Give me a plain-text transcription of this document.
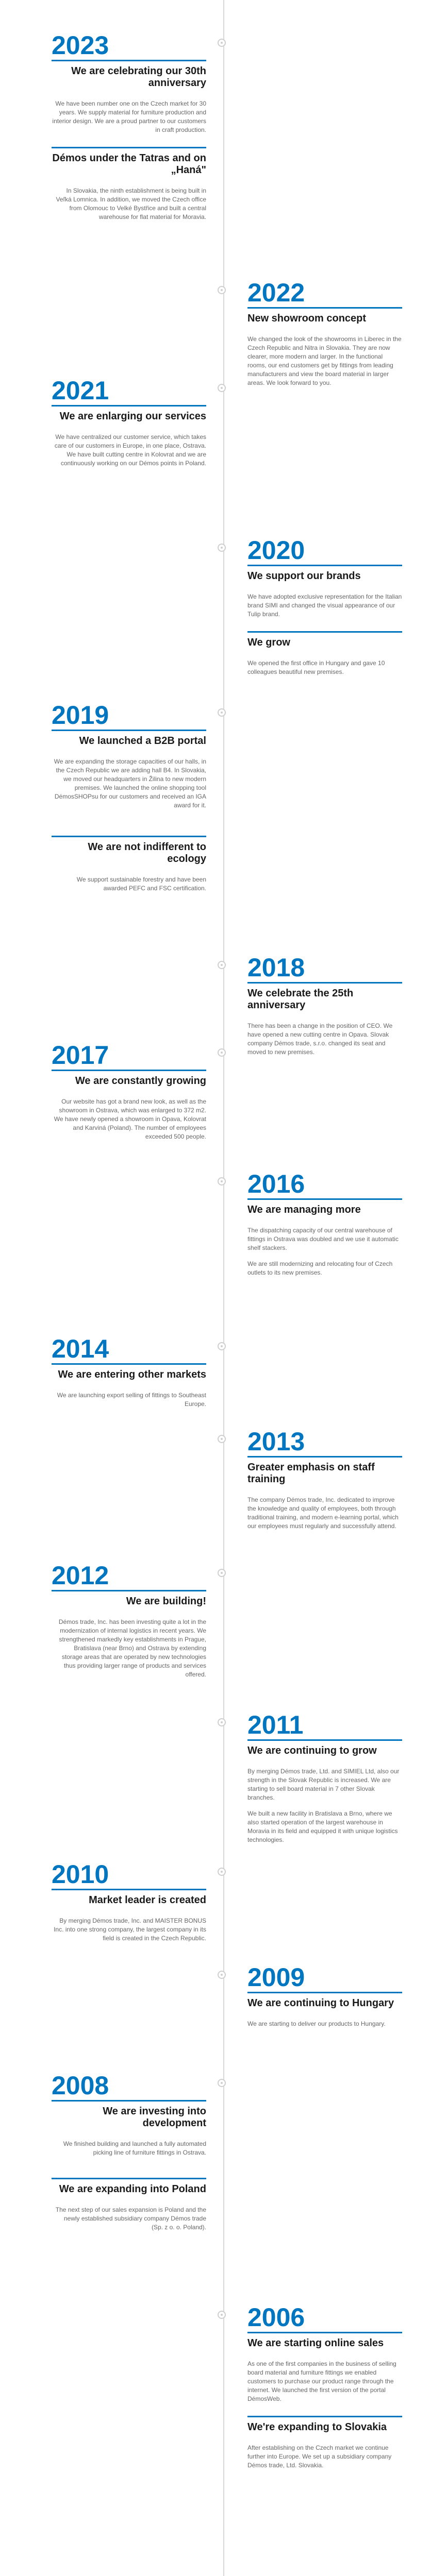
2023
We are celebrating our 30th anniversary

We have been number one on the Czech market for 30 years. We supply material for furniture production and interior design. We are a proud partner to our customers in craft production.

Démos under the Tatras and on „Haná"

In Slovakia, the ninth establishment is being built in Veľká Lomnica. In addition, we moved the Czech office from Olomouc to Velké Bystřice and built a central warehouse for flat material for Moravia.

2022
New showroom concept

We changed the look of the showrooms in Liberec in the Czech Republic and Nitra in Slovakia. They are now clearer, more modern and larger. In the functional rooms, our end customers get by fittings from leading manufacturers and view the board material in larger areas. We look forward to you.

2021
We are enlarging our services

We have centralized our customer service, which takes care of our customers in Europe, in one place, Ostrava. We have built cutting centre in Kolovrat and we are continuously working on our Démos points in Poland.

2020
We support our brands

We have adopted exclusive representation for the Italian brand SIMI and changed the visual appearance of our Tulip brand.

We grow

We opened the first office in Hungary and gave 10 colleagues beautiful new premises.

2019
We launched a B2B portal

We are expanding the storage capacities of our halls, in the Czech Republic we are adding hall B4. In Slovakia, we moved our headquarters in Žilina to new modern premises. We launched the online shopping tool DémosSHOPsu for our customers and received an IGA award for it.

We are not indifferent to ecology

We support sustainable forestry and have been awarded PEFC and FSC certification.

2018
We celebrate the 25th anniversary

There has been a change in the position of CEO. We have opened a new cutting centre in Opava. Slovak company Démos trade, s.r.o. changed its seat and moved to new premises.

2017
We are constantly growing

Our website has got a brand new look, as well as the showroom in Ostrava, which was enlarged to 372 m2. We have newly opened a showroom in Opava, Kolovrat and Karviná (Poland). The number of employees exceeded 500 people.

2016
We are managing more

The dispatching capacity of our central warehouse of fittings in Ostrava was doubled and we use it automatic shelf stackers.

We are still modernizing and relocating four of Czech outlets to its new premises.

2014
We are entering other markets

We are launching export selling of fittings to Southeast Europe.

2013
Greater emphasis on staff training

The company Démos trade, Inc. dedicated to improve the knowledge and quality of employees, both through traditional training, and modern e-learning portal, which our employees must regularly and successfully attend.

2012
We are building!

Démos trade, Inc. has been investing quite a lot in the modernization of internal logistics in recent years. We strengthened markedly key establishments in Prague, Bratislava (near Brno) and Ostrava by extending storage areas that are operated by new technologies thus providing larger range of products and services offered.

2011
We are continuing to grow

By merging Démos trade, Ltd. and SIMIEL Ltd, also our strength in the Slovak Republic is increased. We are starting to sell board material in 7 other Slovak branches.

We built a new facility in Bratislava a Brno, where we also started operation of the largest warehouse in Moravia in its field and equipped it with unique logistics technologies.

2010
Market leader is created

By merging Démos trade, Inc. and MAISTER BONUS Inc. into one strong company, the largest company in its field is created in the Czech Republic.

2009
We are continuing to Hungary

We are starting to deliver our products to Hungary.

2008
We are investing into development

We finished building and launched a fully automated picking line of furniture fittings in Ostrava.

We are expanding into Poland

The next step of our sales expansion is Poland and the newly established subsidiary company Démos trade (Sp. z o. o. Poland).

2006
We are starting online sales

As one of the first companies in the business of selling board material and furniture fittings we enabled customers to purchase our product range through the internet. We launched the first version of the portal DémosWeb.

We're expanding to Slovakia

After establishing on the Czech market we continue further into Europe. We set up a subsidiary company Démos trade, Ltd. Slovakia.
